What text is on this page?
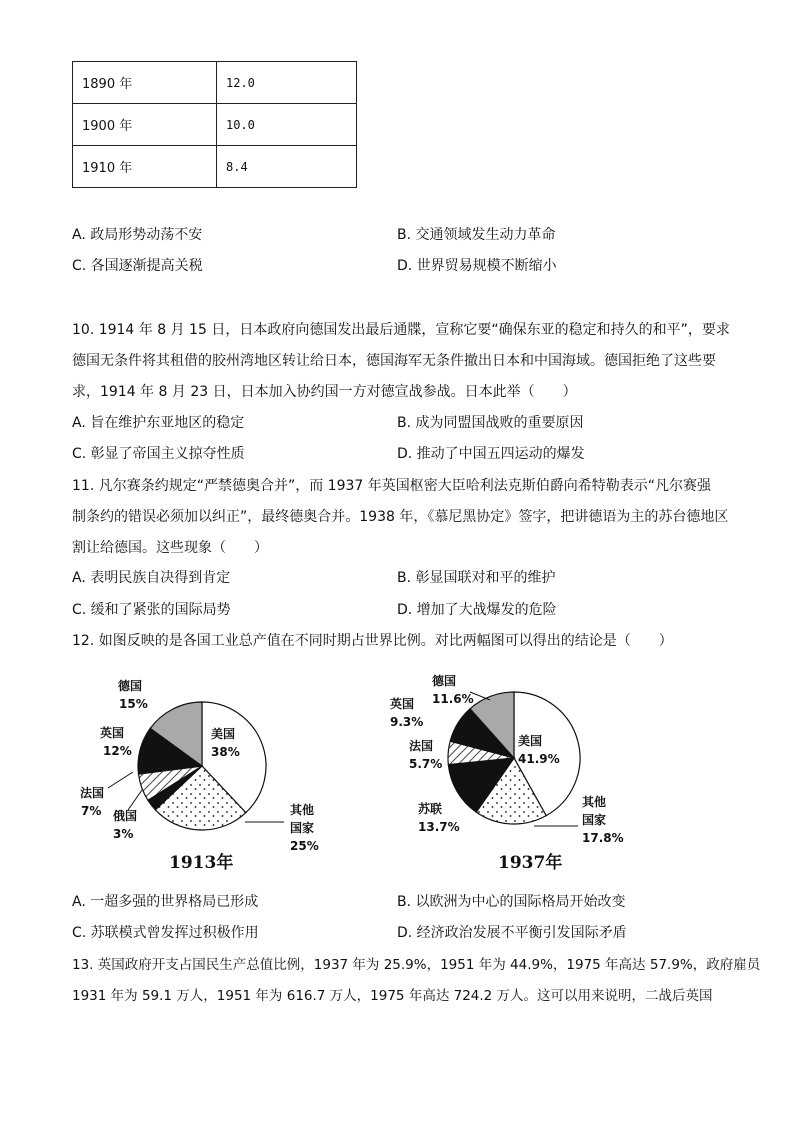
1890 年	12.0
1900 年	10.0
1910 年	8.4
A. 政局形势动荡不安	B. 交通领域发生动力革命
C. 各国逐渐提高关税	D. 世界贸易规模不断缩小
10. 1914 年 8 月 15 日，日本政府向德国发出最后通牒，宣称它要“确保东亚的稳定和持久的和平”，要求
德国无条件将其租借的胶州湾地区转让给日本，德国海军无条件撤出日本和中国海域。德国拒绝了这些要
求，1914 年 8 月 23 日，日本加入协约国一方对德宣战参战。日本此举（　　）
A. 旨在维护东亚地区的稳定	B. 成为同盟国战败的重要原因
C. 彰显了帝国主义掠夺性质	D. 推动了中国五四运动的爆发
11. 凡尔赛条约规定“严禁德奥合并”，而 1937 年英国枢密大臣哈利法克斯伯爵向希特勒表示“凡尔赛强
制条约的错误必须加以纠正”，最终德奥合并。1938 年，《慕尼黑协定》签字，把讲德语为主的苏台德地区
割让给德国。这些现象（　　）
A. 表明民族自决得到肯定	B. 彰显国联对和平的维护
C. 缓和了紧张的国际局势	D. 增加了大战爆发的危险
12. 如图反映的是各国工业总产值在不同时期占世界比例。对比两幅图可以得出的结论是（　　）
德国
15%
英国
12%
法国
7% 俄国
3%
美国
38%
其他
国家
25%
1913年
德国
11.6%
英国
9.3%
法国
5.7%
苏联
13.7%
美国
41.9%
其他
国家
17.8%
1937年
A. 一超多强的世界格局已形成	B. 以欧洲为中心的国际格局开始改变
C. 苏联模式曾发挥过积极作用	D. 经济政治发展不平衡引发国际矛盾
13. 英国政府开支占国民生产总值比例，1937 年为 25.9%，1951 年为 44.9%，1975 年高达 57.9%，政府雇员
1931 年为 59.1 万人，1951 年为 616.7 万人，1975 年高达 724.2 万人。这可以用来说明，二战后英国
